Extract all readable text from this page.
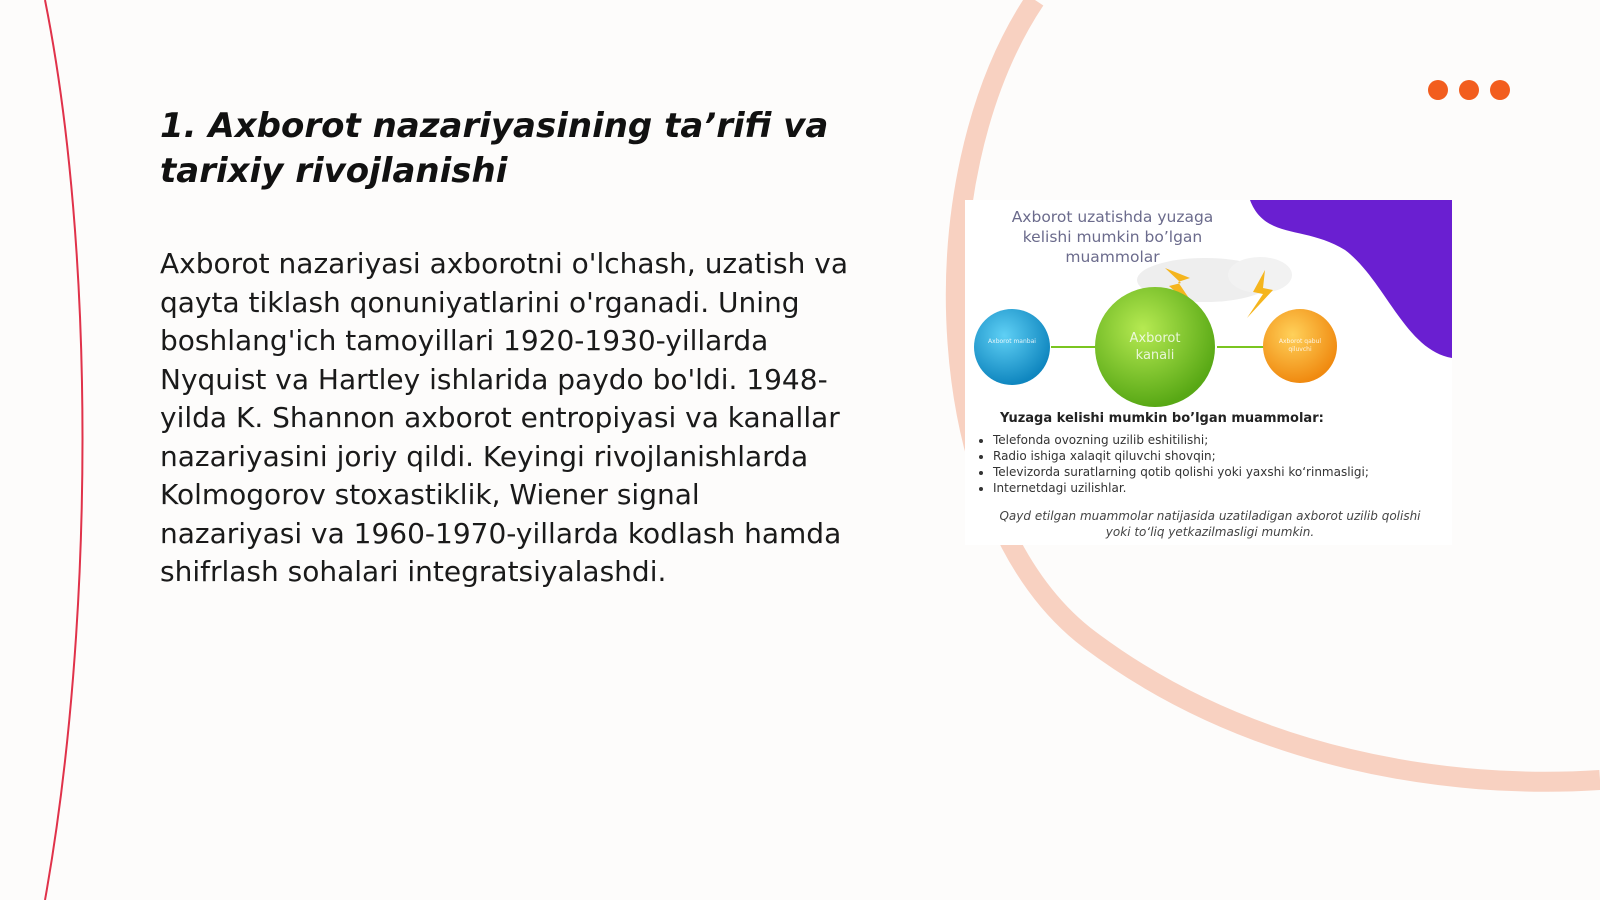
1. Axborot nazariyasining ta’rifi va tarixiy rivojlanishi

Axborot nazariyasi axborotni o'lchash, uzatish va qayta tiklash qonuniyatlarini o'rganadi. Uning boshlang'ich tamoyillari 1920-1930-yillarda Nyquist va Hartley ishlarida paydo bo'ldi. 1948-yilda K. Shannon axborot entropiyasi va kanallar nazariyasini joriy qildi. Keyingi rivojlanishlarda Kolmogorov stoxastiklik, Wiener signal nazariyasi va 1960-1970-yillarda kodlash hamda shifrlash sohalari integratsiyalashdi.

Axborot uzatishda yuzaga kelishi mumkin bo’lgan muammolar
Axborot manbai	Axborot kanali
Axborot qabul qiluvchi
Yuzaga kelishi mumkin bo’lgan muammolar:
• Telefonda ovozning uzilib eshitilishi;
• Radio ishiga xalaqit qiluvchi shovqin;
• Televizorda suratlarning qotib qolishi yoki yaxshi ko‘rinmasligi;
• Internetdagi uzilishlar.
Qayd etilgan muammolar natijasida uzatiladigan axborot uzilib qolishi yoki to‘liq yetkazilmasligi mumkin.
